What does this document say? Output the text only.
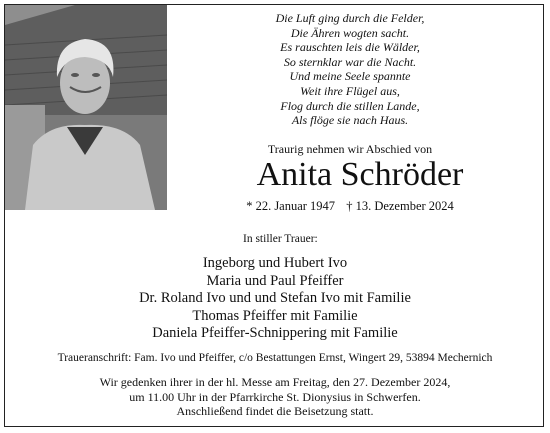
Die Luft ging durch die Felder,
Die Ähren wogten sacht.
Es rauschten leis die Wälder,
So sternklar war die Nacht.
Und meine Seele spannte
Weit ihre Flügel aus,
Flog durch die stillen Lande,
Als flöge sie nach Haus.
Traurig nehmen wir Abschied von
Anita Schröder
* 22. Januar 1947 † 13. Dezember 2024
In stiller Trauer:
Ingeborg und Hubert Ivo
Maria und Paul Pfeiffer
Dr. Roland Ivo und und Stefan Ivo mit Familie
Thomas Pfeiffer mit Familie
Daniela Pfeiffer-Schnippering mit Familie
Traueranschrift: Fam. Ivo und Pfeiffer, c/o Bestattungen Ernst, Wingert 29, 53894 Mechernich
Wir gedenken ihrer in der hl. Messe am Freitag, den 27. Dezember 2024,
um 11.00 Uhr in der Pfarrkirche St. Dionysius in Schwerfen.
Anschließend findet die Beisetzung statt.
